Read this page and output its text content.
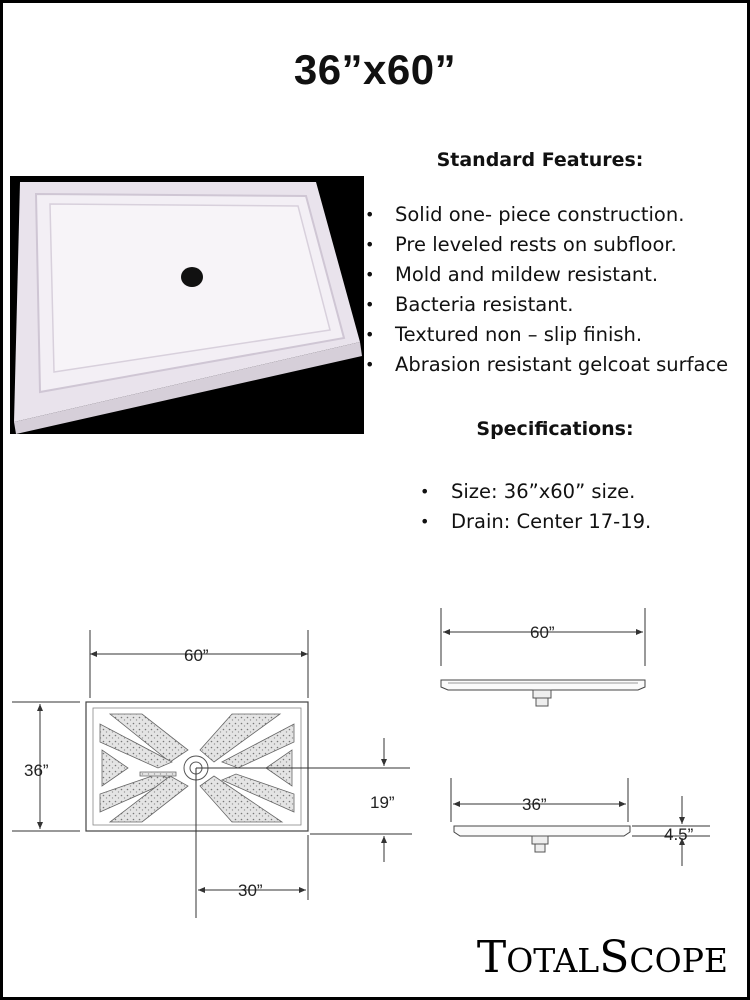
36”x60”
Standard Features:
• Solid one- piece construction.
• Pre leveled rests on subfloor.
• Mold and mildew resistant.
• Bacteria resistant.
• Textured non – slip finish.
• Abrasion resistant gelcoat surface
Specifications:
• Size: 36”x60” size.
• Drain: Center 17-19.
60”
36”
19”
30”
60”
36”
4.5”
TOTALSCOPE
